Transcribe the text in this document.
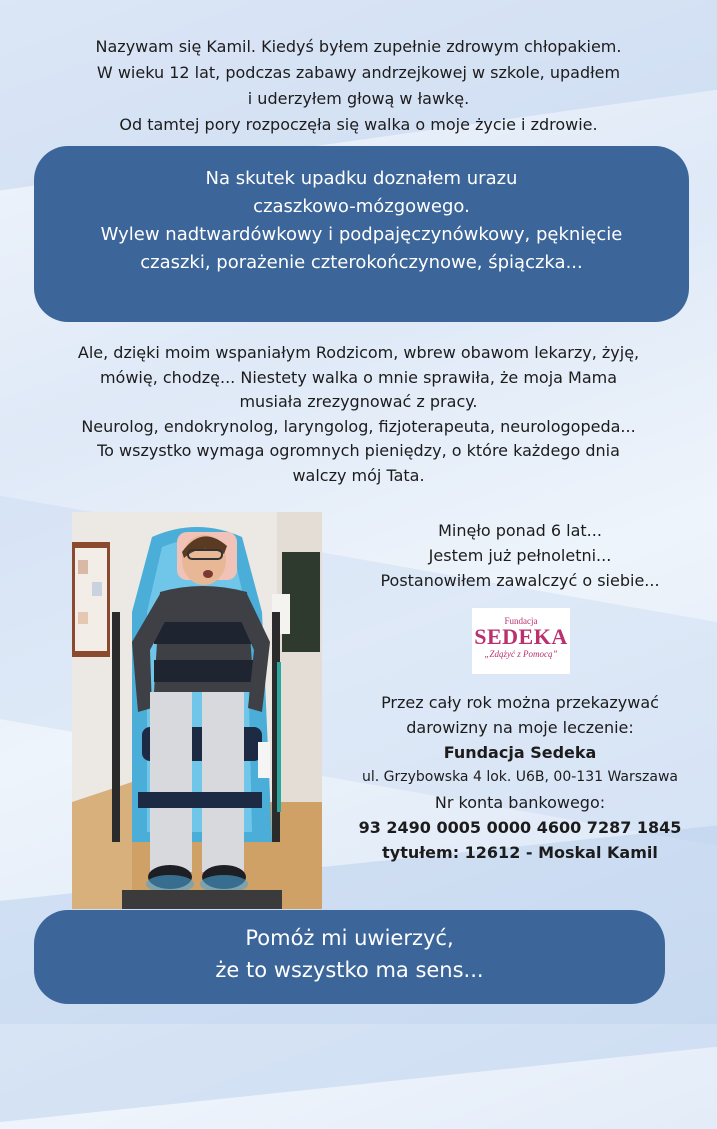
Nazywam się Kamil. Kiedyś byłem zupełnie zdrowym chłopakiem.
W wieku 12 lat, podczas zabawy andrzejkowej w szkole, upadłem
i uderzyłem głową w ławkę.
Od tamtej pory rozpoczęła się walka o moje życie i zdrowie.
Na skutek upadku doznałem urazu
czaszkowo-mózgowego.
Wylew nadtwardówkowy i podpajęczynówkowy, pęknięcie
czaszki, porażenie czterokończynowe, śpiączka...
Ale, dzięki moim wspaniałym Rodzicom, wbrew obawom lekarzy, żyję,
mówię, chodzę... Niestety walka o mnie sprawiła, że moja Mama
musiała zrezygnować z pracy.
Neurolog, endokrynolog, laryngolog, fizjoterapeuta, neurologopeda...
To wszystko wymaga ogromnych pieniędzy, o które każdego dnia
walczy mój Tata.
Minęło ponad 6 lat...
Jestem już pełnoletni...
Postanowiłem zawalczyć o siebie...
Fundacja
SEDEKA
„Zdążyć z Pomocą”
Przez cały rok można przekazywać
darowizny na moje leczenie:
Fundacja Sedeka
ul. Grzybowska 4 lok. U6B, 00-131 Warszawa
Nr konta bankowego:
93 2490 0005 0000 4600 7287 1845
tytułem: 12612 - Moskal Kamil
Pomóż mi uwierzyć,
że to wszystko ma sens...
